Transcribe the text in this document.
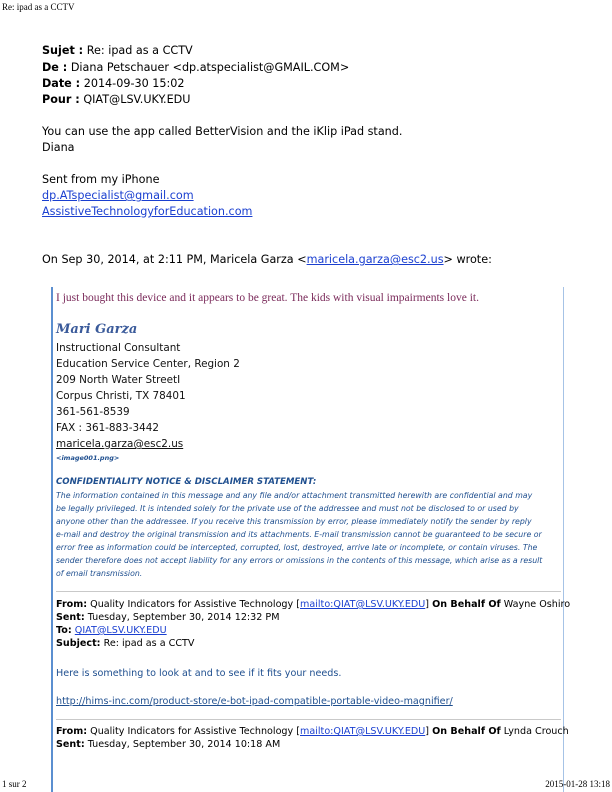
Re: ipad as a CCTV
Sujet : Re: ipad as a CCTV
De : Diana Petschauer <dp.atspecialist@GMAIL.COM>
Date : 2014-09-30 15:02
Pour : QIAT@LSV.UKY.EDU
You can use the app called BetterVision and the iKlip iPad stand.
Diana
Sent from my iPhone
dp.ATspecialist@gmail.com
AssistiveTechnologyforEducation.com
On Sep 30, 2014, at 2:11 PM, Maricela Garza <maricela.garza@esc2.us> wrote:
I just bought this device and it appears to be great. The kids with visual impairments love it.
Mari Garza
Instructional Consultant
Education Service Center, Region 2
209 North Water StreetI
Corpus Christi, TX 78401
361-561-8539
FAX : 361-883-3442
maricela.garza@esc2.us
<image001.png>
CONFIDENTIALITY NOTICE & DISCLAIMER STATEMENT:
The information contained in this message and any file and/or attachment transmitted herewith are confidential and may
be legally privileged. It is intended solely for the private use of the addressee and must not be disclosed to or used by
anyone other than the addressee. If you receive this transmission by error, please immediately notify the sender by reply
e-mail and destroy the original transmission and its attachments. E-mail transmission cannot be guaranteed to be secure or
error free as information could be intercepted, corrupted, lost, destroyed, arrive late or incomplete, or contain viruses. The
sender therefore does not accept liability for any errors or omissions in the contents of this message, which arise as a result
of email transmission.
From: Quality Indicators for Assistive Technology [mailto:QIAT@LSV.UKY.EDU] On Behalf Of Wayne Oshiro
Sent: Tuesday, September 30, 2014 12:32 PM
To: QIAT@LSV.UKY.EDU
Subject: Re: ipad as a CCTV
Here is something to look at and to see if it fits your needs.
http://hims-inc.com/product-store/e-bot-ipad-compatible-portable-video-magnifier/
From: Quality Indicators for Assistive Technology [mailto:QIAT@LSV.UKY.EDU] On Behalf Of Lynda Crouch
Sent: Tuesday, September 30, 2014 10:18 AM
1 sur 2	2015-01-28 13:18
